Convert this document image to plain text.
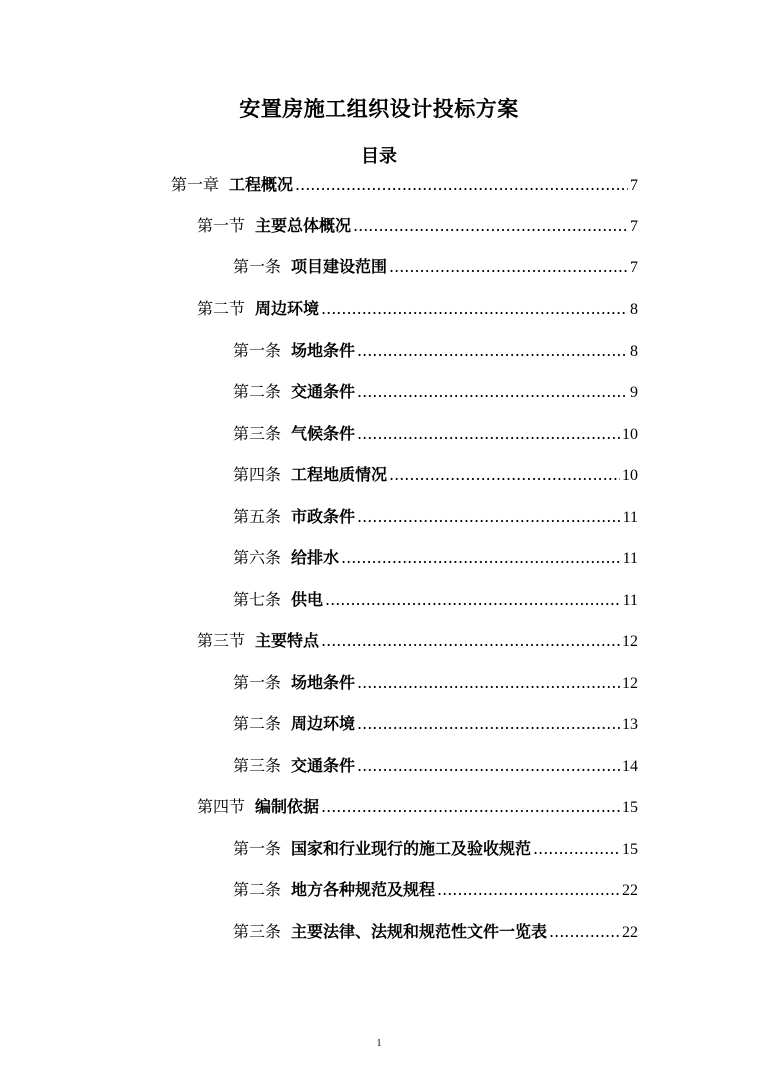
安置房施工组织设计投标方案
目录
第一章 工程概况 .....	7
第一节 主要总体概况 .....	7
第一条 项目建设范围 .....	7
第二节 周边环境 .....	8
第一条 场地条件 .....	8
第二条 交通条件 .....	9
第三条 气候条件 .....	10
第四条 工程地质情况 .....	10
第五条 市政条件 .....	11
第六条 给排水 .....	11
第七条 供电 .....	11
第三节 主要特点 .....	12
第一条 场地条件 .....	12
第二条 周边环境 .....	13
第三条 交通条件 .....	14
第四节 编制依据 .....	15
第一条 国家和行业现行的施工及验收规范 .....	15
第二条 地方各种规范及规程 .....	22
第三条 主要法律、法规和规范性文件一览表 .....	22
1
